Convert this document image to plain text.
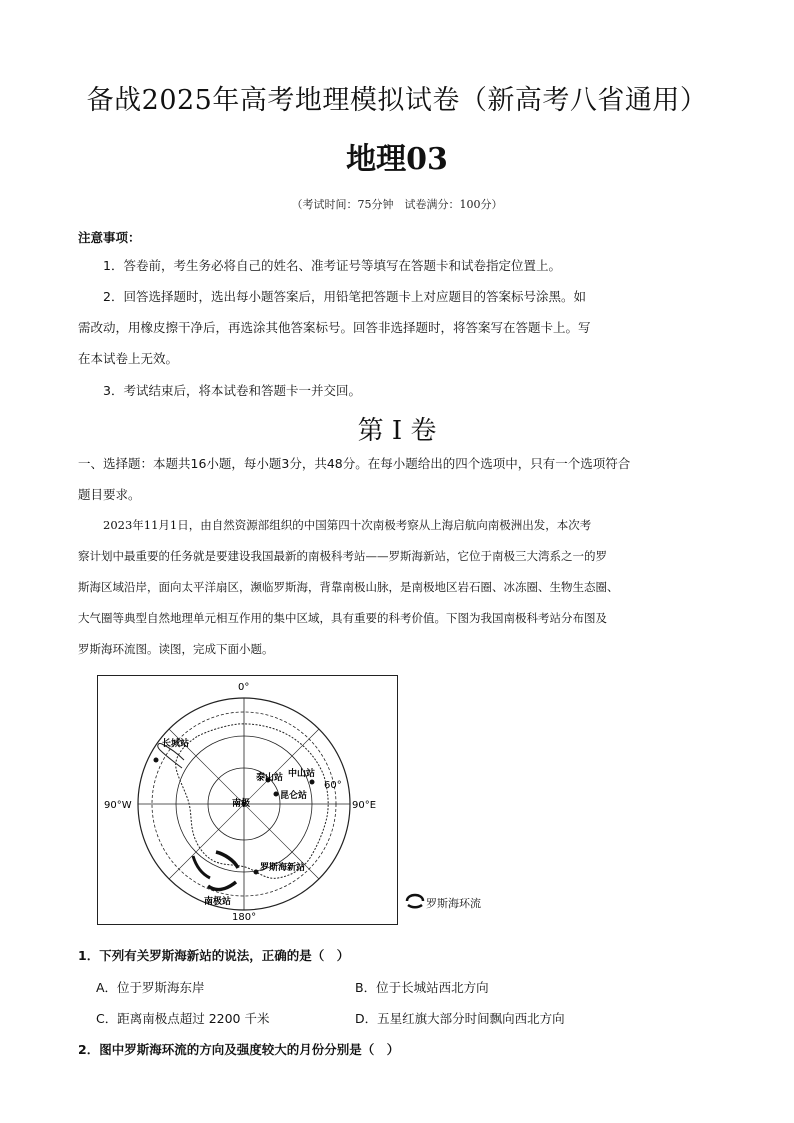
备战2025年高考地理模拟试卷（新高考八省通用）
地理03
（考试时间：75分钟　试卷满分：100分）
注意事项：
1．答卷前，考生务必将自己的姓名、准考证号等填写在答题卡和试卷指定位置上。
2．回答选择题时，选出每小题答案后，用铅笔把答题卡上对应题目的答案标号涂黑。如
需改动，用橡皮擦干净后，再选涂其他答案标号。回答非选择题时，将答案写在答题卡上。写
在本试卷上无效。
3．考试结束后，将本试卷和答题卡一并交回。
第 I 卷
一、选择题：本题共16小题，每小题3分，共48分。在每小题给出的四个选项中，只有一个选项符合
题目要求。
2023年11月1日，由自然资源部组织的中国第四十次南极考察从上海启航向南极洲出发，本次考
察计划中最重要的任务就是要建设我国最新的南极科考站——罗斯海新站，它位于南极三大湾系之一的罗
斯海区域沿岸，面向太平洋扇区，濒临罗斯海，背靠南极山脉，是南极地区岩石圈、冰冻圈、生物生态圈、
大气圈等典型自然地理单元相互作用的集中区域，具有重要的科考价值。下图为我国南极科考站分布图及
罗斯海环流图。读图，完成下面小题。
0°
180°
90°W	90°E
60°
南极
长城站
泰山站 中山站
昆仑站
罗斯海新站
南极站	罗斯海环流
1．下列有关罗斯海新站的说法，正确的是（　）
A．位于罗斯海东岸	B．位于长城站西北方向
C．距离南极点超过 2200 千米	D．五星红旗大部分时间飘向西北方向
2．图中罗斯海环流的方向及强度较大的月份分别是（　）
